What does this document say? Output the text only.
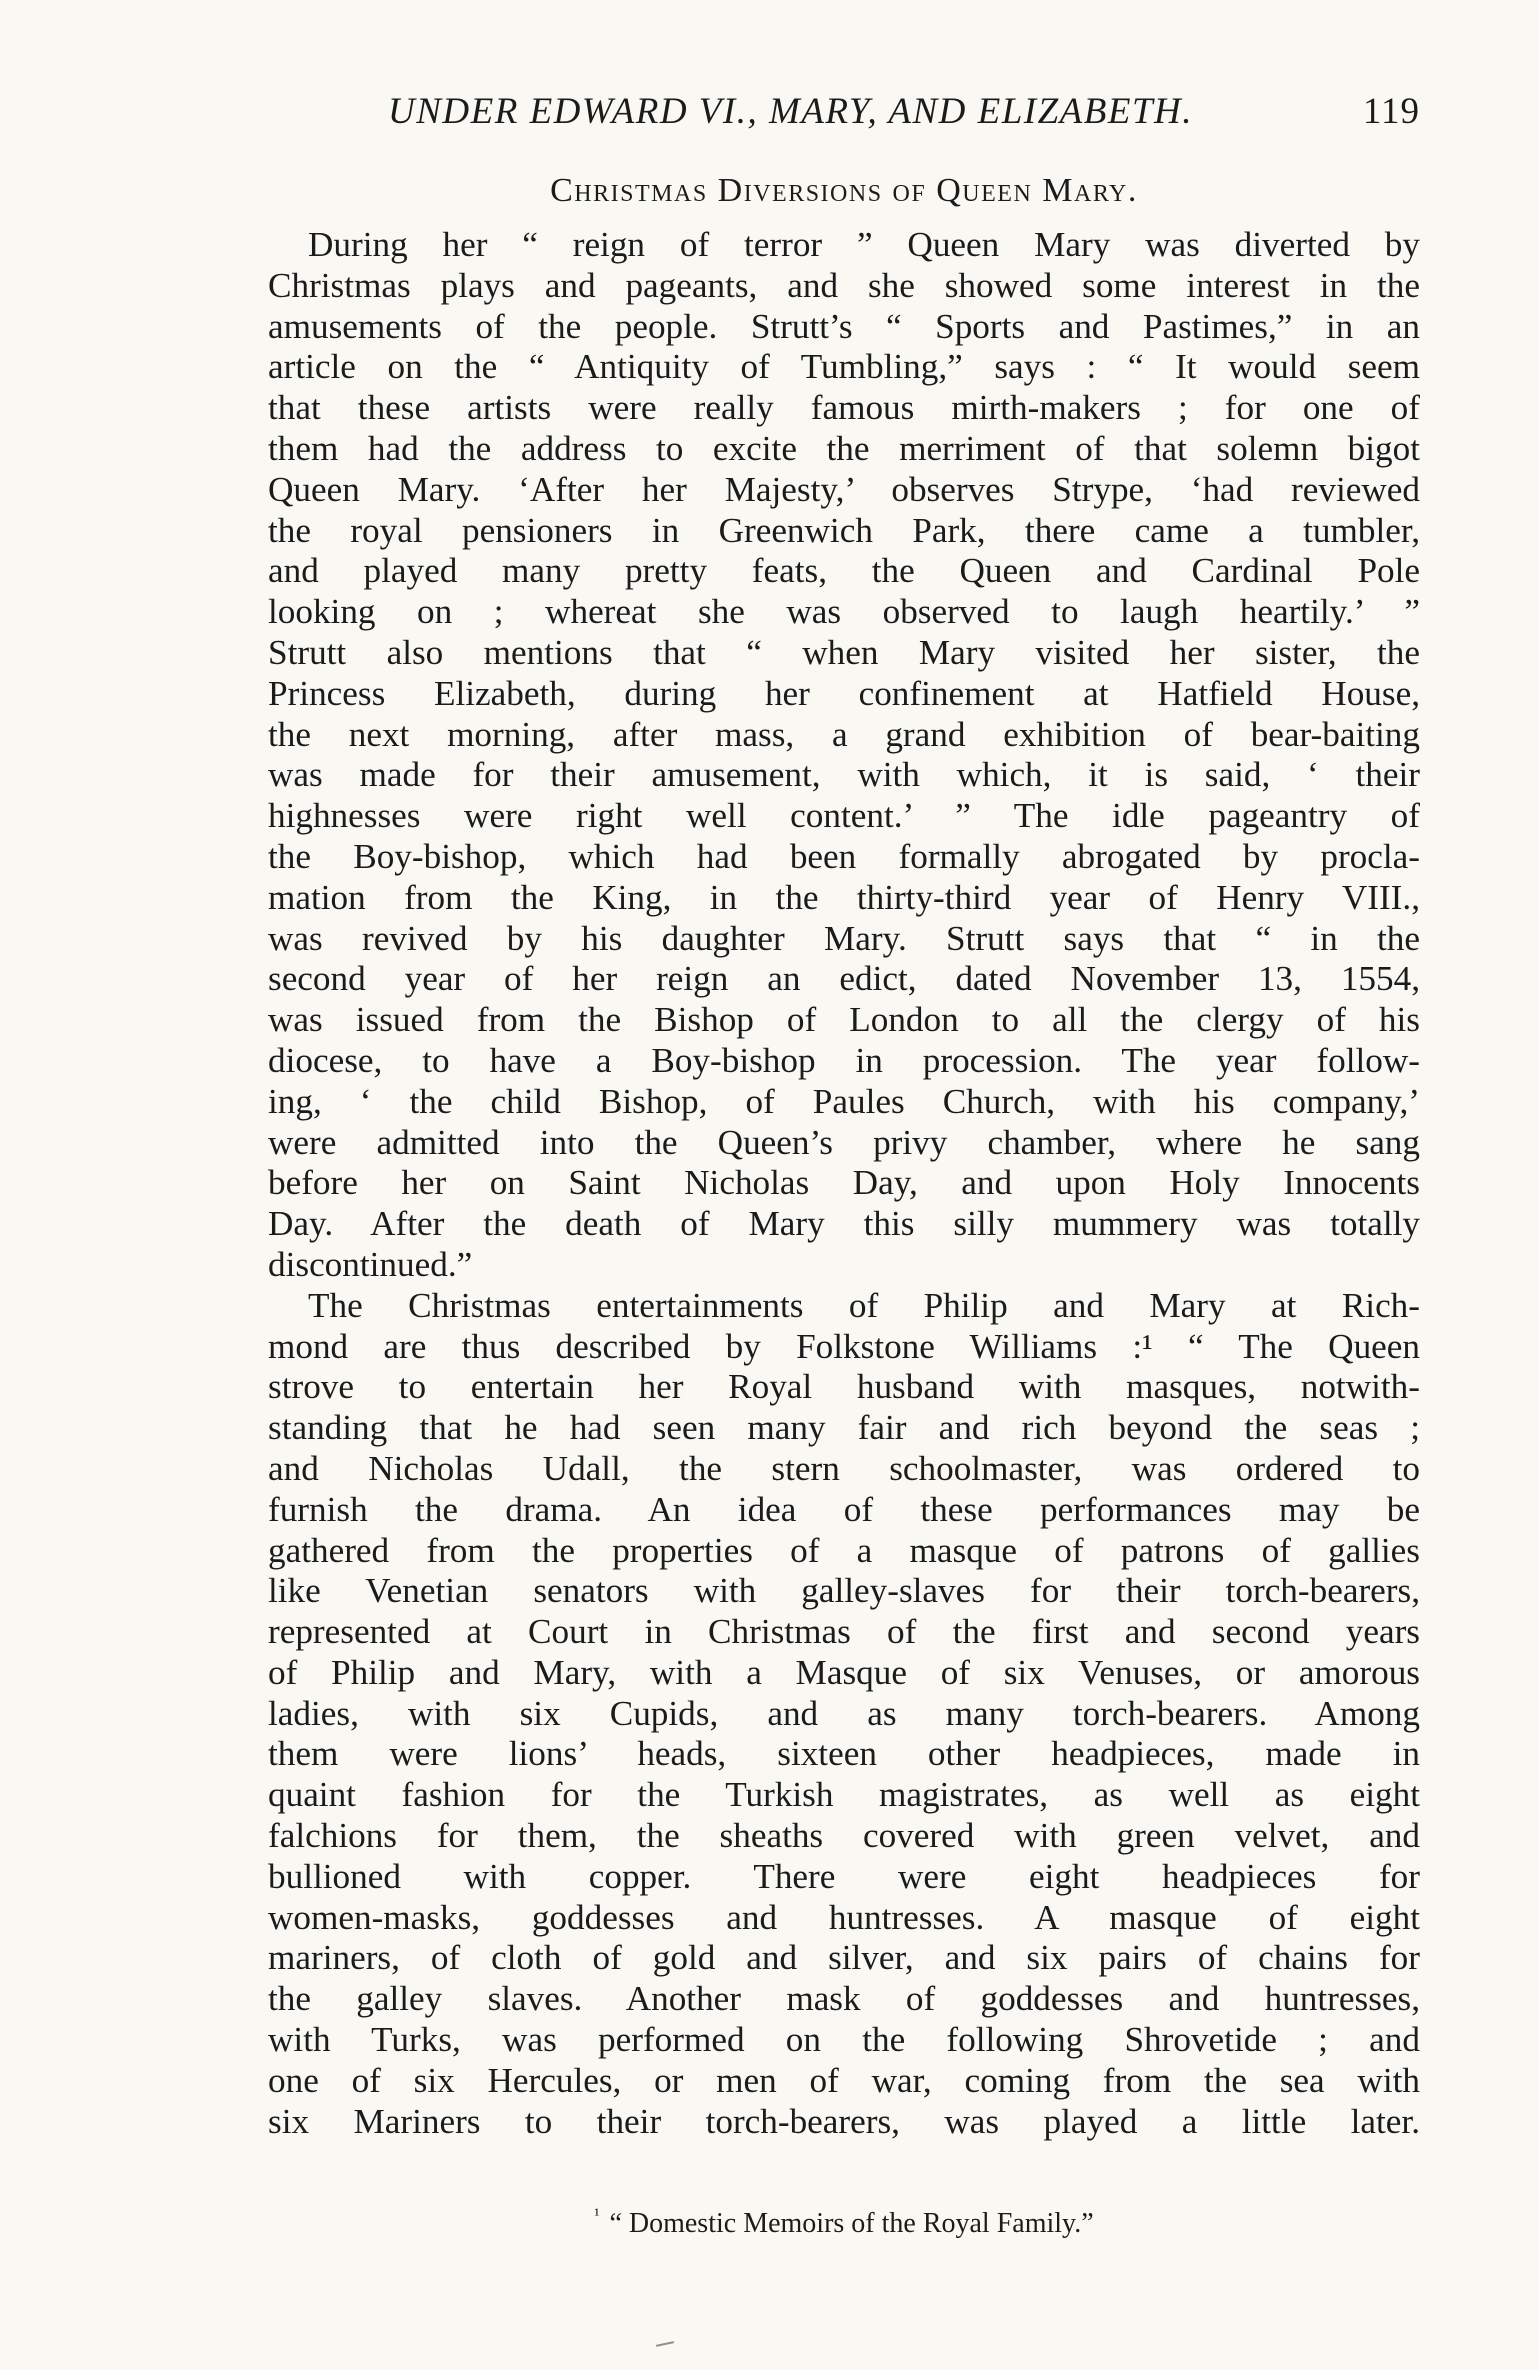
UNDER EDWARD VI., MARY, AND ELIZABETH.	119
Christmas Diversions of Queen Mary.
During her “ reign of terror ” Queen Mary was diverted by
Christmas plays and pageants, and she showed some interest in the
amusements of the people. Strutt’s “ Sports and Pastimes,” in an
article on the “ Antiquity of Tumbling,” says : “ It would seem
that these artists were really famous mirth-makers ; for one of
them had the address to excite the merriment of that solemn bigot
Queen Mary. ‘After her Majesty,’ observes Strype, ‘had reviewed
the royal pensioners in Greenwich Park, there came a tumbler,
and played many pretty feats, the Queen and Cardinal Pole
looking on ; whereat she was observed to laugh heartily.’ ”
Strutt also mentions that “ when Mary visited her sister, the
Princess Elizabeth, during her confinement at Hatfield House,
the next morning, after mass, a grand exhibition of bear-baiting
was made for their amusement, with which, it is said, ‘ their
highnesses were right well content.’ ” The idle pageantry of
the Boy-bishop, which had been formally abrogated by procla-
mation from the King, in the thirty-third year of Henry VIII.,
was revived by his daughter Mary. Strutt says that “ in the
second year of her reign an edict, dated November 13, 1554,
was issued from the Bishop of London to all the clergy of his
diocese, to have a Boy-bishop in procession. The year follow-
ing, ‘ the child Bishop, of Paules Church, with his company,’
were admitted into the Queen’s privy chamber, where he sang
before her on Saint Nicholas Day, and upon Holy Innocents
Day. After the death of Mary this silly mummery was totally
discontinued.”
The Christmas entertainments of Philip and Mary at Rich-
mond are thus described by Folkstone Williams :¹ “ The Queen
strove to entertain her Royal husband with masques, notwith-
standing that he had seen many fair and rich beyond the seas ;
and Nicholas Udall, the stern schoolmaster, was ordered to
furnish the drama. An idea of these performances may be
gathered from the properties of a masque of patrons of gallies
like Venetian senators with galley-slaves for their torch-bearers,
represented at Court in Christmas of the first and second years
of Philip and Mary, with a Masque of six Venuses, or amorous
ladies, with six Cupids, and as many torch-bearers. Among
them were lions’ heads, sixteen other headpieces, made in
quaint fashion for the Turkish magistrates, as well as eight
falchions for them, the sheaths covered with green velvet, and
bullioned with copper. There were eight headpieces for
women-masks, goddesses and huntresses. A masque of eight
mariners, of cloth of gold and silver, and six pairs of chains for
the galley slaves. Another mask of goddesses and huntresses,
with Turks, was performed on the following Shrovetide ; and
one of six Hercules, or men of war, coming from the sea with
six Mariners to their torch-bearers, was played a little later.
$^{^1}$ “ Domestic Memoirs of the Royal Family.”
